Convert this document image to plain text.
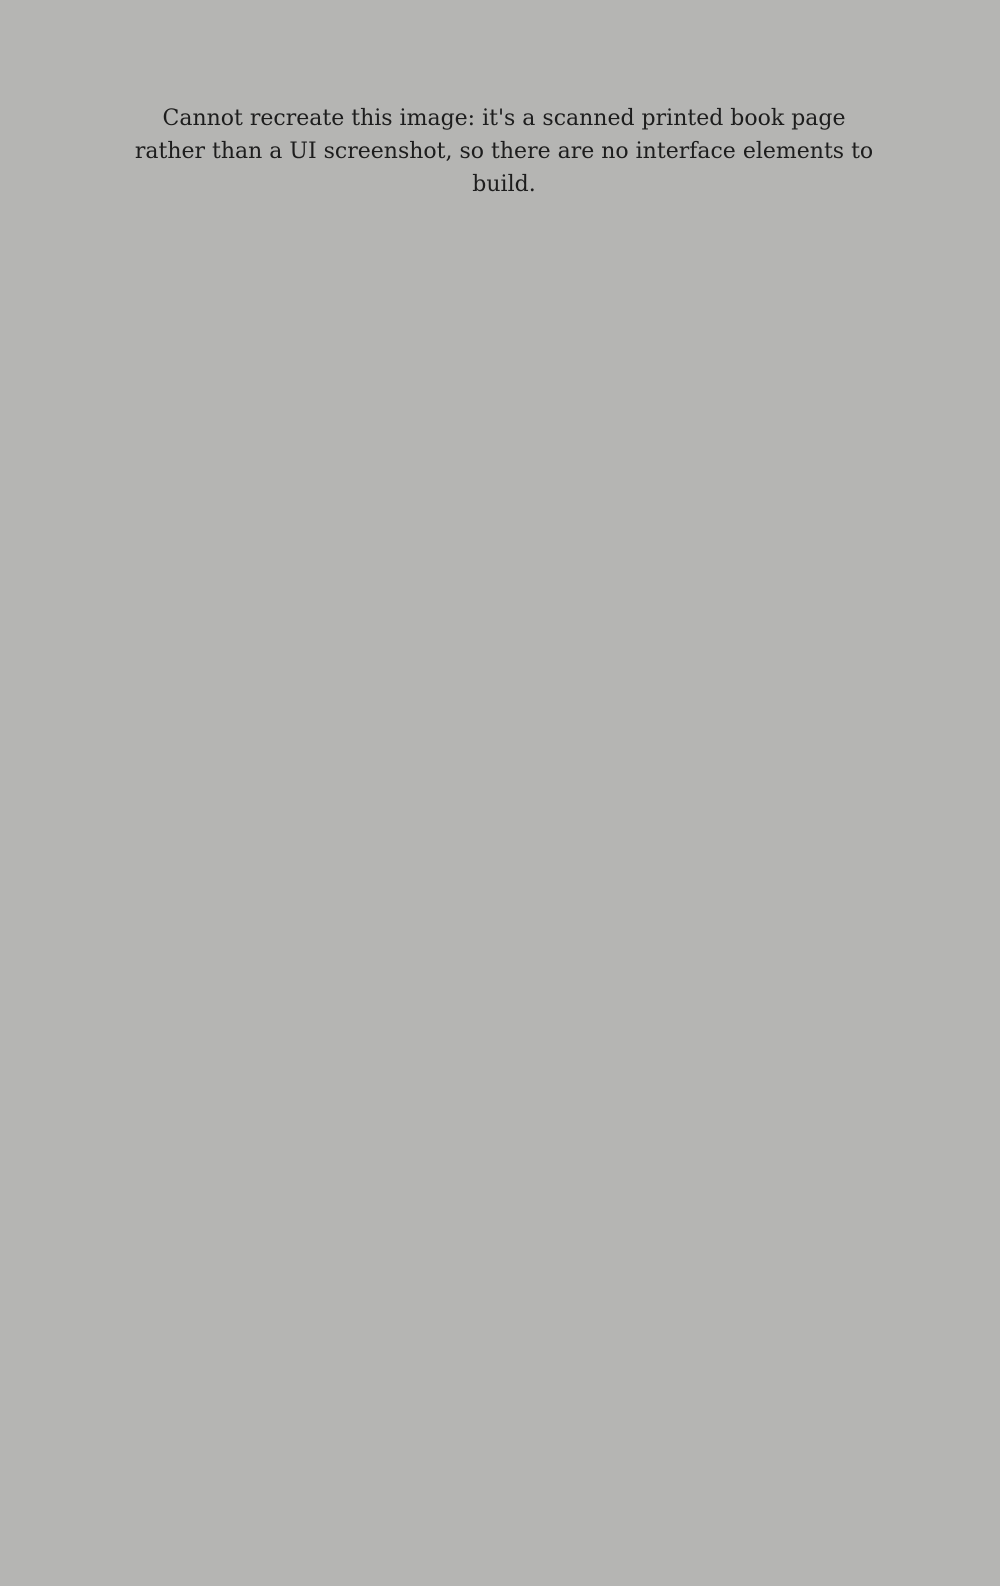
Cannot recreate this image: it's a scanned printed book page rather than a UI screenshot, so there are no interface elements to build.
